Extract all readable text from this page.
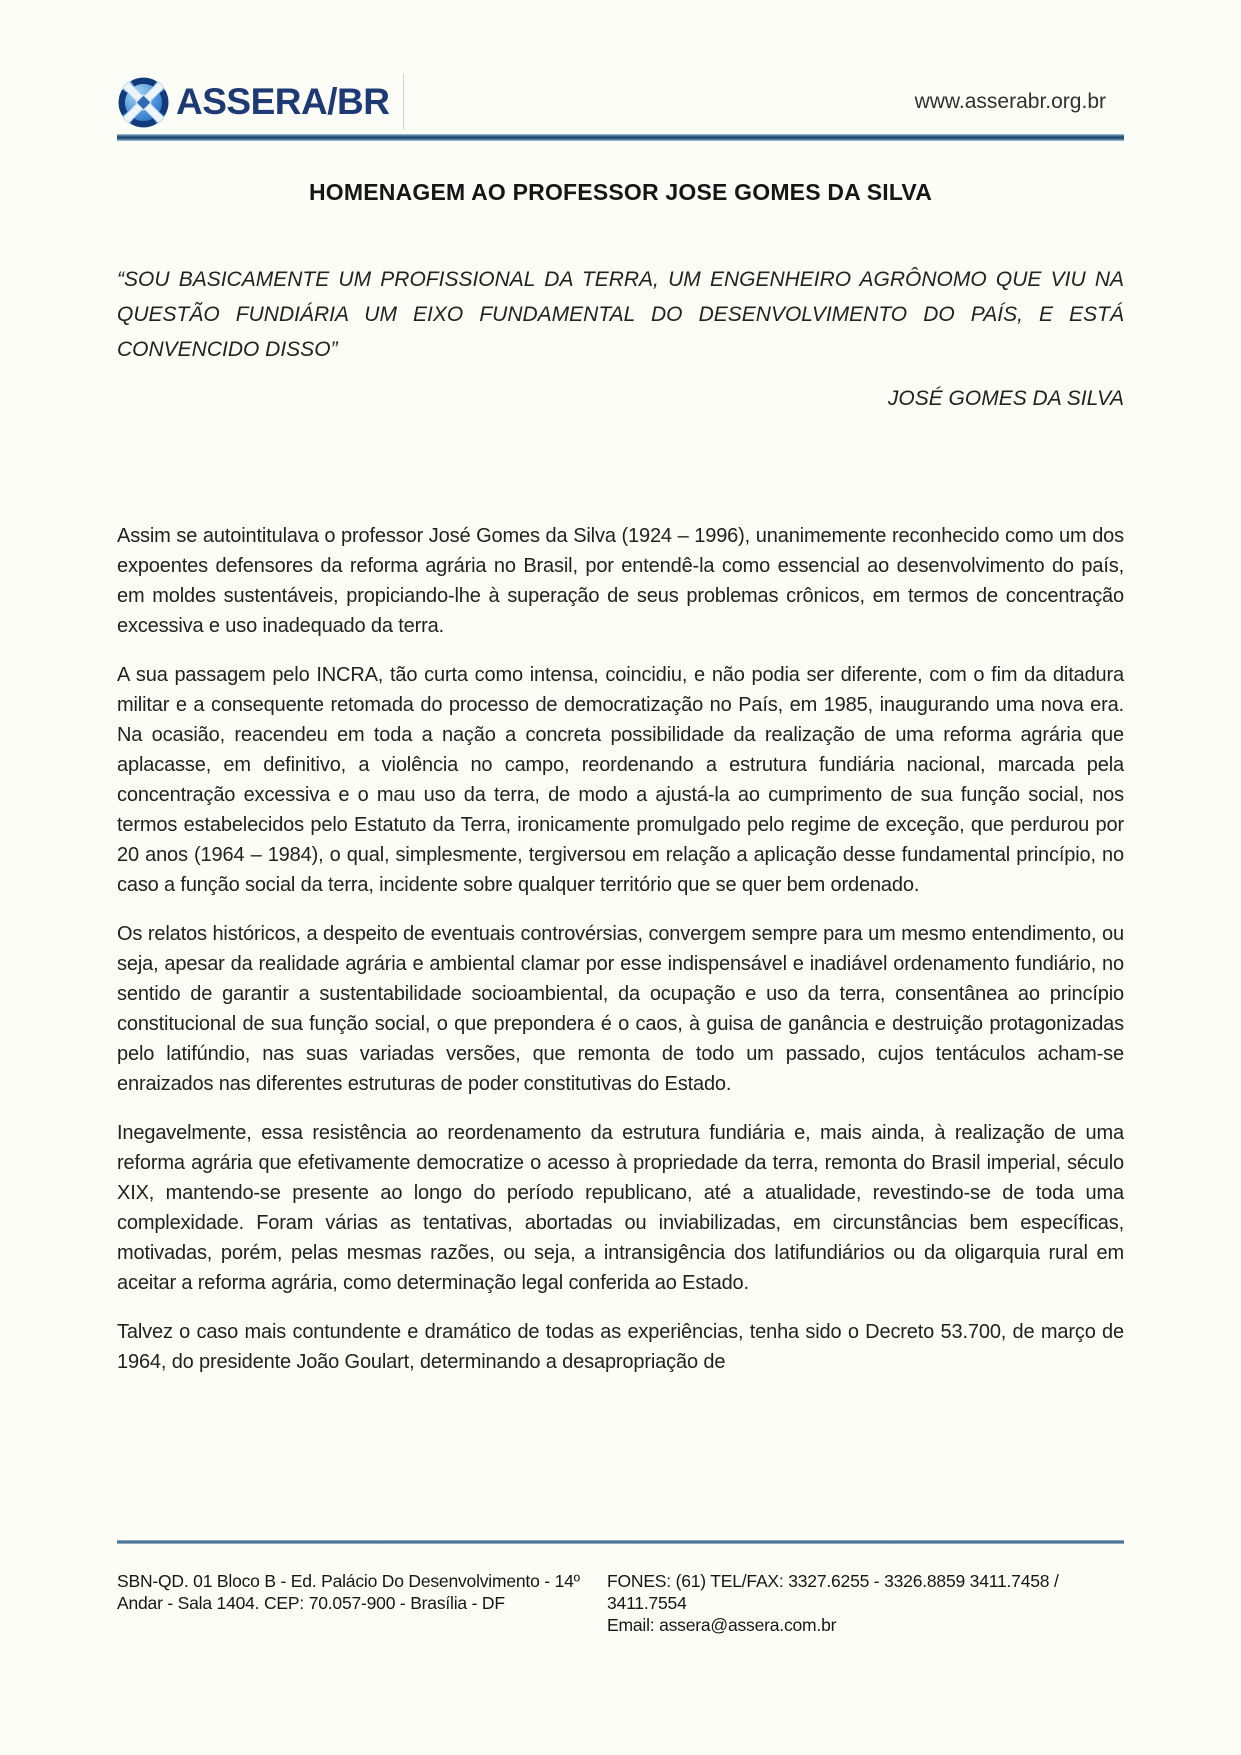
ASSERA/BR	www.asserabr.org.br
HOMENAGEM AO PROFESSOR JOSE GOMES DA SILVA
“SOU BASICAMENTE UM PROFISSIONAL DA TERRA, UM ENGENHEIRO AGRÔNOMO QUE VIU NA QUESTÃO FUNDIÁRIA UM EIXO FUNDAMENTAL DO DESENVOLVIMENTO DO PAÍS, E ESTÁ CONVENCIDO DISSO”
JOSÉ GOMES DA SILVA

Assim se autointitulava o professor José Gomes da Silva (1924 – 1996), unanimemente reconhecido como um dos expoentes defensores da reforma agrária no Brasil, por entendê-la como essencial ao desenvolvimento do país, em moldes sustentáveis, propiciando-lhe à superação de seus problemas crônicos, em termos de concentração excessiva e uso inadequado da terra.

A sua passagem pelo INCRA, tão curta como intensa, coincidiu, e não podia ser diferente, com o fim da ditadura militar e a consequente retomada do processo de democratização no País, em 1985, inaugurando uma nova era. Na ocasião, reacendeu em toda a nação a concreta possibilidade da realização de uma reforma agrária que aplacasse, em definitivo, a violência no campo, reordenando a estrutura fundiária nacional, marcada pela concentração excessiva e o mau uso da terra, de modo a ajustá-la ao cumprimento de sua função social, nos termos estabelecidos pelo Estatuto da Terra, ironicamente promulgado pelo regime de exceção, que perdurou por 20 anos (1964 – 1984), o qual, simplesmente, tergiversou em relação a aplicação desse fundamental princípio, no caso a função social da terra, incidente sobre qualquer território que se quer bem ordenado.

Os relatos históricos, a despeito de eventuais controvérsias, convergem sempre para um mesmo entendimento, ou seja, apesar da realidade agrária e ambiental clamar por esse indispensável e inadiável ordenamento fundiário, no sentido de garantir a sustentabilidade socioambiental, da ocupação e uso da terra, consentânea ao princípio constitucional de sua função social, o que prepondera é o caos, à guisa de ganância e destruição protagonizadas pelo latifúndio, nas suas variadas versões, que remonta de todo um passado, cujos tentáculos acham-se enraizados nas diferentes estruturas de poder constitutivas do Estado.

Inegavelmente, essa resistência ao reordenamento da estrutura fundiária e, mais ainda, à realização de uma reforma agrária que efetivamente democratize o acesso à propriedade da terra, remonta do Brasil imperial, século XIX, mantendo-se presente ao longo do período republicano, até a atualidade, revestindo-se de toda uma complexidade. Foram várias as tentativas, abortadas ou inviabilizadas, em circunstâncias bem específicas, motivadas, porém, pelas mesmas razões, ou seja, a intransigência dos latifundiários ou da oligarquia rural em aceitar a reforma agrária, como determinação legal conferida ao Estado.

Talvez o caso mais contundente e dramático de todas as experiências, tenha sido o Decreto 53.700, de março de 1964, do presidente João Goulart, determinando a desapropriação de

SBN-QD. 01 Bloco B - Ed. Palácio Do Desenvolvimento - 14º
Andar - Sala 1404. CEP: 70.057-900 - Brasília - DF
FONES: (61) TEL/FAX: 3327.6255 - 3326.8859 3411.7458 / 3411.7554
Email: assera@assera.com.br
